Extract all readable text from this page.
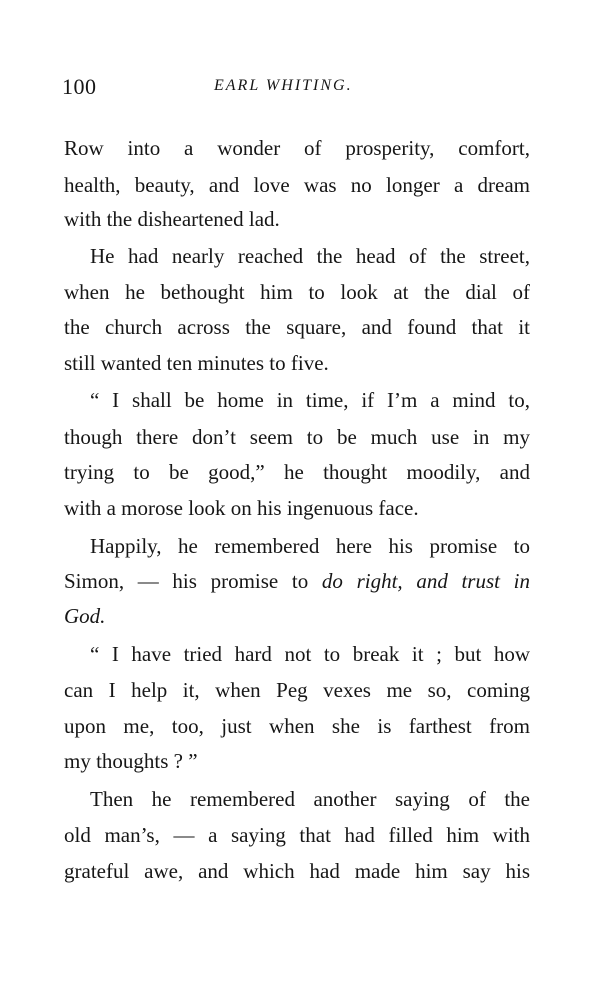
100	EARL WHITING.
Row into a wonder of prosperity, comfort,
health, beauty, and love was no longer a dream
with the disheartened lad.
He had nearly reached the head of the street,
when he bethought him to look at the dial of
the church across the square, and found that it
still wanted ten minutes to five.
“ I shall be home in time, if I’m a mind to,
though there don’t seem to be much use in my
trying to be good,” he thought moodily, and
with a morose look on his ingenuous face.
Happily, he remembered here his promise to
Simon, — his promise to do right, and trust in
God.
“ I have tried hard not to break it ; but how
can I help it, when Peg vexes me so, coming
upon me, too, just when she is farthest from
my thoughts ? ”
Then he remembered another saying of the
old man’s, — a saying that had filled him with
grateful awe, and which had made him say his
